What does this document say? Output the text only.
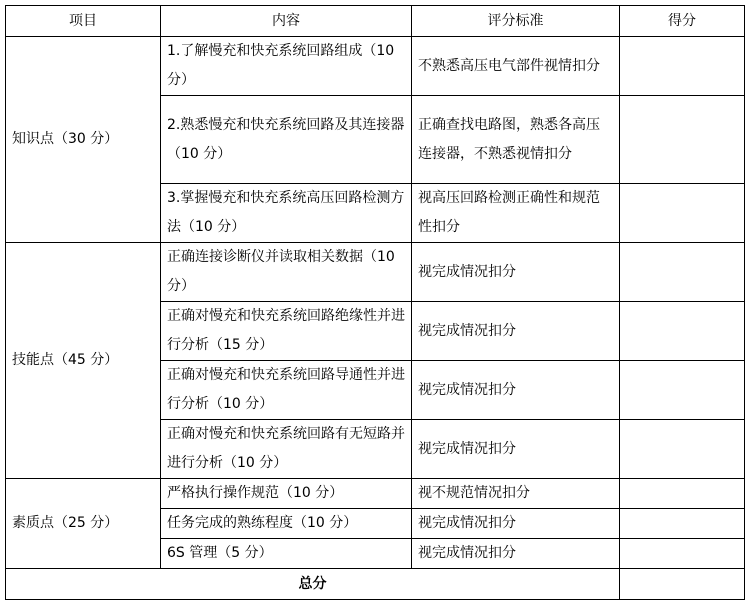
项目	内容	评分标准	得分
知识点（30 分）	1.了解慢充和快充系统回路组成（10 分）	不熟悉高压电气部件视情扣分	
	2.熟悉慢充和快充系统回路及其连接器（10 分）	正确查找电路图，熟悉各高压连接器，不熟悉视情扣分	
	3.掌握慢充和快充系统高压回路检测方法（10 分）	视高压回路检测正确性和规范性扣分	
技能点（45 分）	正确连接诊断仪并读取相关数据（10 分）	视完成情况扣分	
	正确对慢充和快充系统回路绝缘性并进行分析（15 分）	视完成情况扣分	
	正确对慢充和快充系统回路导通性并进行分析（10 分）	视完成情况扣分	
	正确对慢充和快充系统回路有无短路并进行分析（10 分）	视完成情况扣分	
素质点（25 分）	严格执行操作规范（10 分）	视不规范情况扣分	
	任务完成的熟练程度（10 分）	视完成情况扣分	
	6S 管理（5 分）	视完成情况扣分	
总分			
